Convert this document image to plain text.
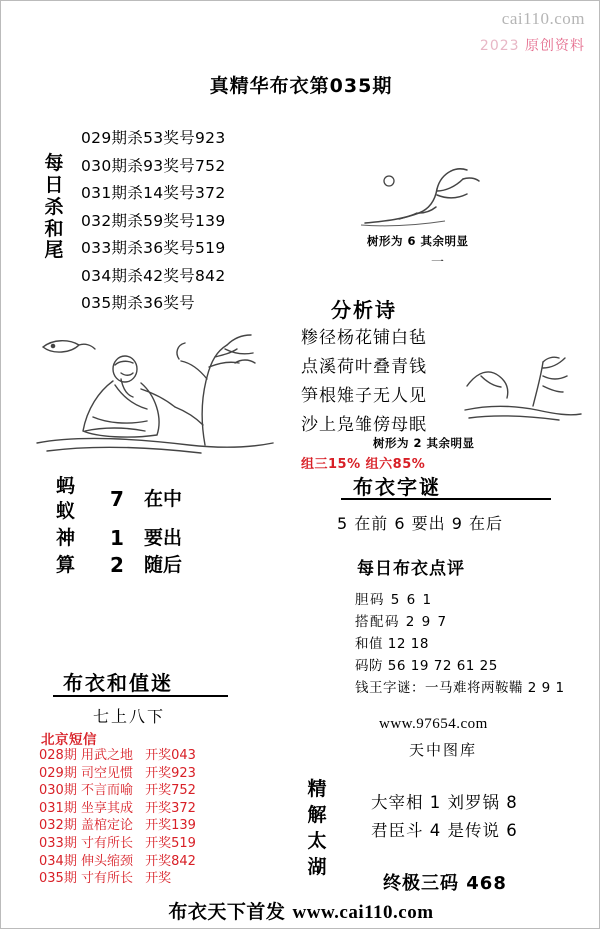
cai110.com
2023 原创资料
真精华布衣第035期
每日杀和尾
029期杀53奖号923
030期杀93奖号752
031期杀14奖号372
032期杀59奖号139
033期杀36奖号519
034期杀42奖号842
035期杀36奖号
树形为 6 其余明显
一
分析诗
糁径杨花铺白毡
点溪荷叶叠青钱
笋根雉子无人见
沙上凫雏傍母眠
组三15% 组六85%
树形为 2 其余明显
蚂蚁	7	在中
神	1	要出
算	2	随后
布衣字谜
5 在前 6 要出 9 在后
每日布衣点评
胆码 5 6 1
搭配码 2 9 7
和值 12 18
码防 56 19 72 61 25
钱王字谜：一马难将两鞍鞴 2 9 1
www.97654.com
天中图库
布衣和值迷
七上八下
北京短信
028期 用武之地 开奖043
029期 司空见惯 开奖923
030期 不言而喻 开奖752
031期 坐享其成 开奖372
032期 盖棺定论 开奖139
033期 寸有所长 开奖519
034期 伸头缩颈 开奖842
035期 寸有所长 开奖
精解太湖
大宰相 1 刘罗锅 8
君臣斗 4 是传说 6
终极三码 468
布衣天下首发 www.cai110.com
